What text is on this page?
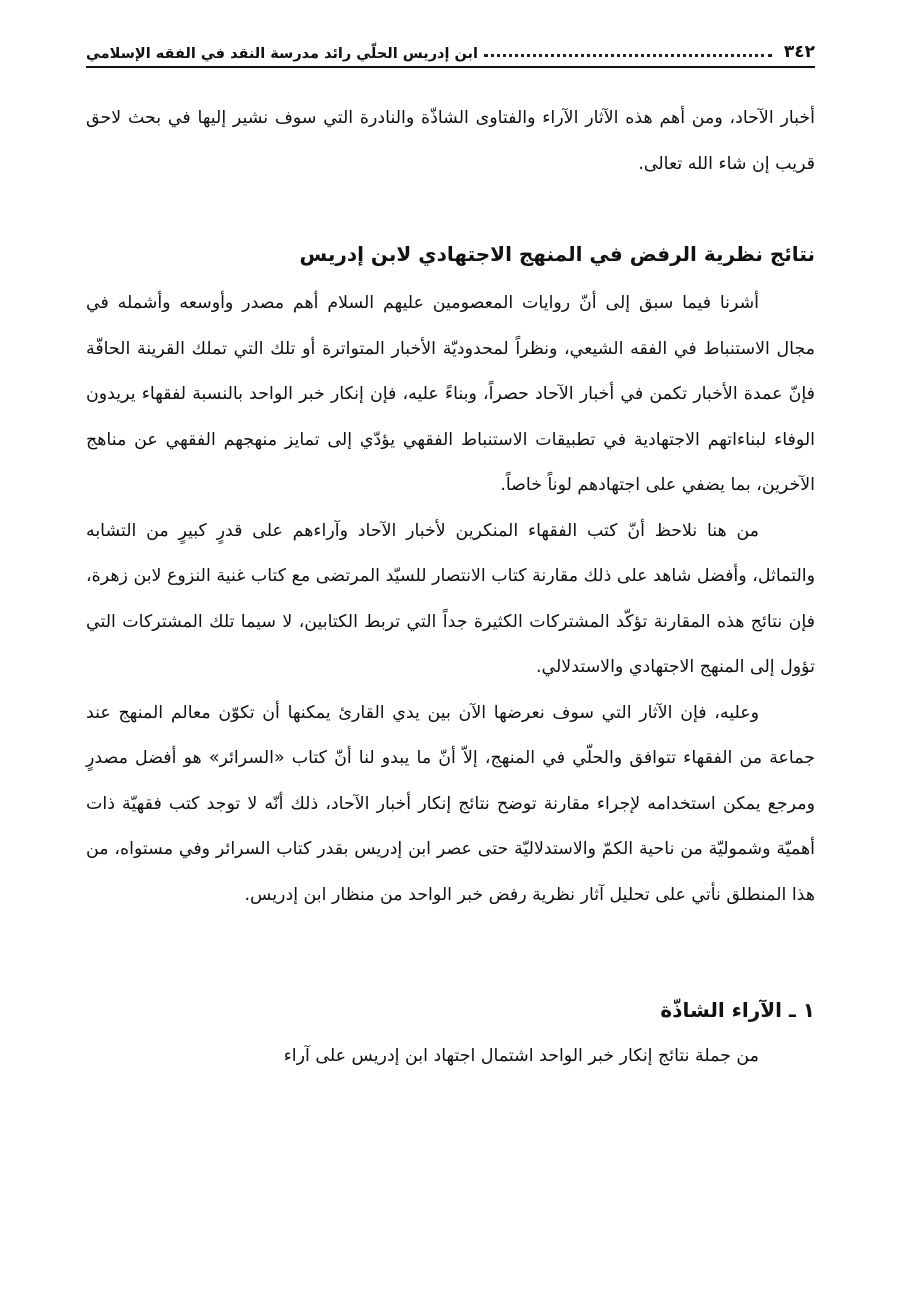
٣٤٢
ابن إدريس الحلّي رائد مدرسة النقد في الفقه الإسلامي

أخبار الآحاد، ومن أهم هذه الآثار الآراء والفتاوى الشاذّة والنادرة التي سوف نشير إليها في بحث لاحق قريب إن شاء الله تعالى.

نتائج نظرية الرفض في المنهج الاجتهادي لابن إدريس

أشرنا فيما سبق إلى أنّ روايات المعصومين عليهم السلام أهم مصدر وأوسعه وأشمله في مجال الاستنباط في الفقه الشيعي، ونظراً لمحدوديّة الأخبار المتواترة أو تلك التي تملك القرينة الحافّة فإنّ عمدة الأخبار تكمن في أخبار الآحاد حصراً، وبناءً عليه، فإن إنكار خبر الواحد بالنسبة لفقهاء يريدون الوفاء لبناءاتهم الاجتهادية في تطبيقات الاستنباط الفقهي يؤدّي إلى تمايز منهجهم الفقهي عن مناهج الآخرين، بما يضفي على اجتهادهم لوناً خاصاً.

من هنا نلاحظ أنّ كتب الفقهاء المنكرين لأخبار الآحاد وآراءهم على قدرٍ كبيرٍ من التشابه والتماثل، وأفضل شاهد على ذلك مقارنة كتاب الانتصار للسيّد المرتضى مع كتاب غنية النزوع لابن زهرة، فإن نتائج هذه المقارنة تؤكّد المشتركات الكثيرة جداً التي تربط الكتابين، لا سيما تلك المشتركات التي تؤول إلى المنهج الاجتهادي والاستدلالي.

وعليه، فإن الآثار التي سوف نعرضها الآن بين يدي القارئ يمكنها أن تكوّن معالم المنهج عند جماعة من الفقهاء تتوافق والحلّي في المنهج، إلاّ أنّ ما يبدو لنا أنّ كتاب «السرائر» هو أفضل مصدرٍ ومرجع يمكن استخدامه لإجراء مقارنة توضح نتائج إنكار أخبار الآحاد، ذلك أنّه لا توجد كتب فقهيّة ذات أهميّة وشموليّة من ناحية الكمّ والاستدلاليّة حتى عصر ابن إدريس بقدر كتاب السرائر وفي مستواه، من هذا المنطلق نأتي على تحليل آثار نظرية رفض خبر الواحد من منظار ابن إدريس.

١ ـ الآراء الشاذّة

من جملة نتائج إنكار خبر الواحد اشتمال اجتهاد ابن إدريس على آراء
